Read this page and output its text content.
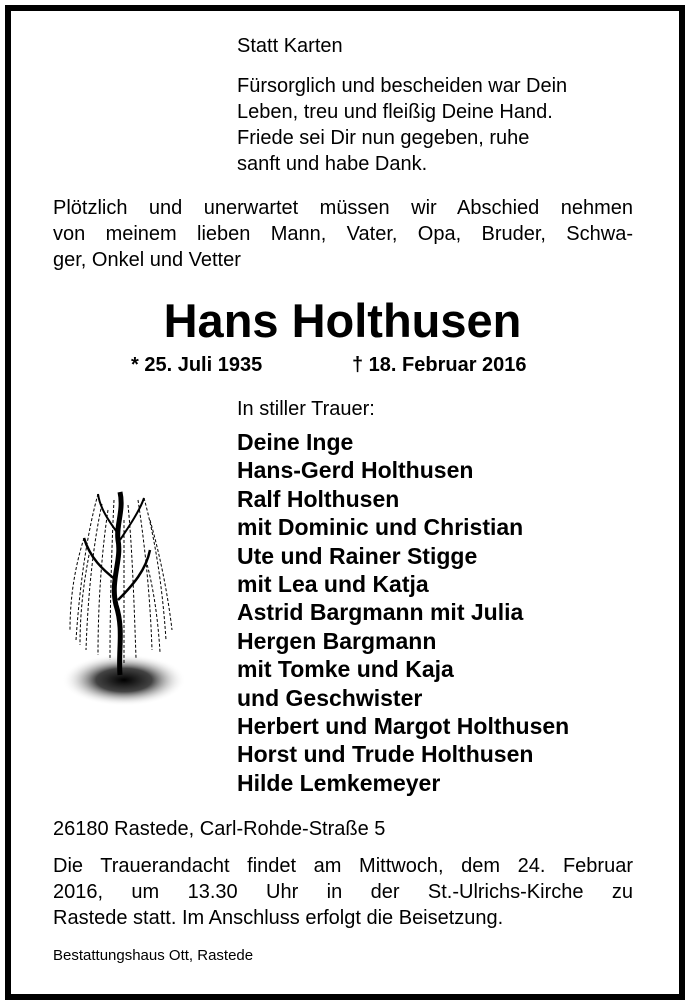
Statt Karten
Fürsorglich und bescheiden war Dein
Leben, treu und fleißig Deine Hand.
Friede sei Dir nun gegeben, ruhe
sanft und habe Dank.
Plötzlich und unerwartet müssen wir Abschied nehmen
von meinem lieben Mann, Vater, Opa, Bruder, Schwa-
ger, Onkel und Vetter
Hans Holthusen
* 25. Juli 1935	† 18. Februar 2016
In stiller Trauer:
Deine Inge
Hans-Gerd Holthusen
Ralf Holthusen
mit Dominic und Christian
Ute und Rainer Stigge
mit Lea und Katja
Astrid Bargmann mit Julia
Hergen Bargmann
mit Tomke und Kaja
und Geschwister
Herbert und Margot Holthusen
Horst und Trude Holthusen
Hilde Lemkemeyer
26180 Rastede, Carl-Rohde-Straße 5
Die Trauerandacht findet am Mittwoch, dem 24. Februar
2016, um 13.30 Uhr in der St.-Ulrichs-Kirche zu
Rastede statt. Im Anschluss erfolgt die Beisetzung.
Bestattungshaus Ott, Rastede
